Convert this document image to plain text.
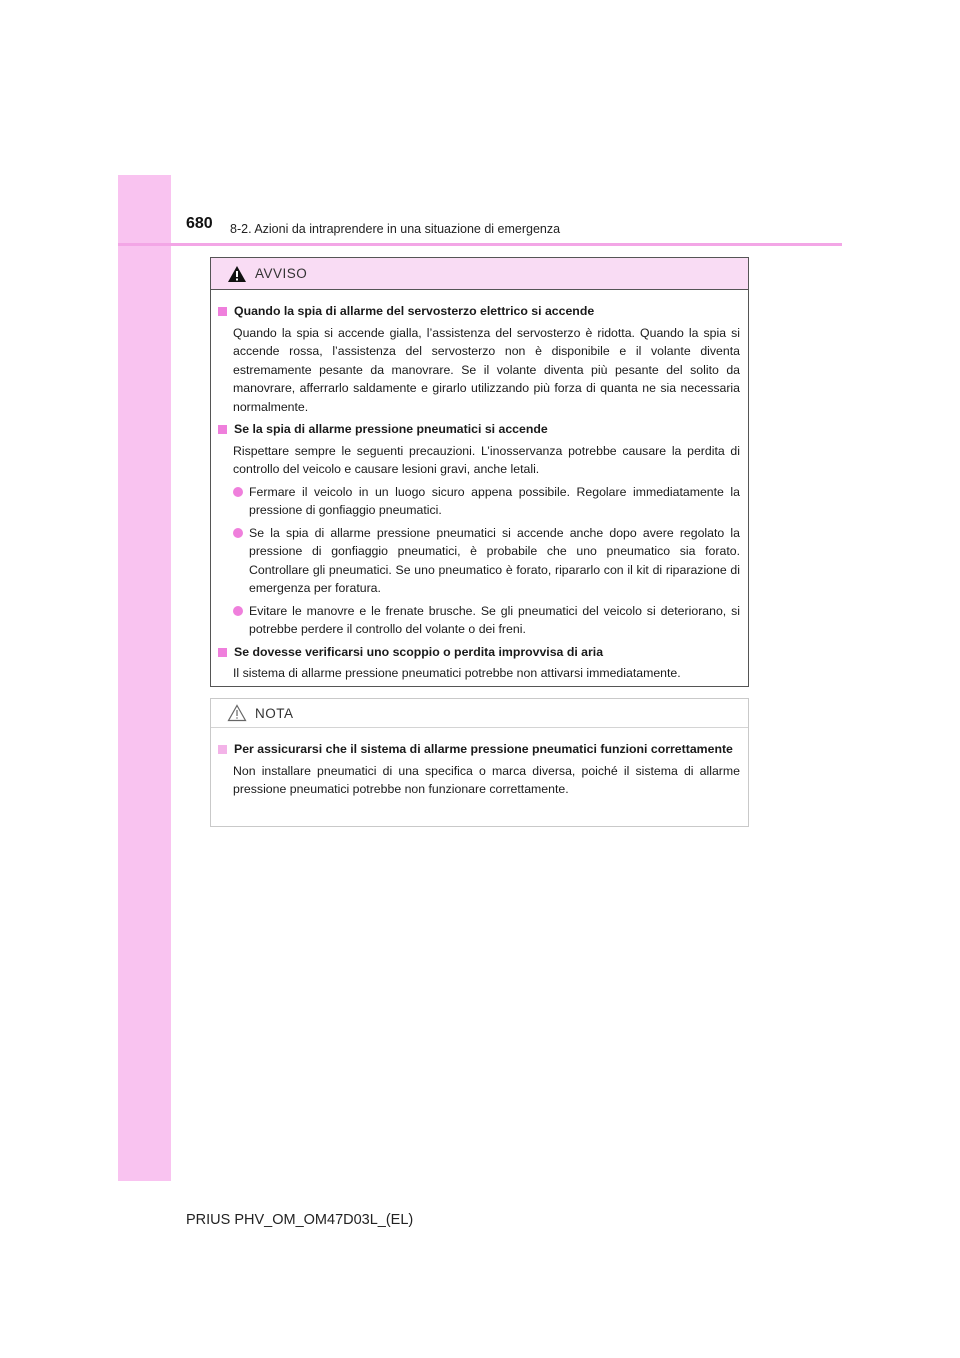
680 8-2. Azioni da intraprendere in una situazione di emergenza
AVVISO
Quando la spia di allarme del servosterzo elettrico si accende
Quando la spia si accende gialla, l’assistenza del servosterzo è ridotta. Quando la spia si accende rossa, l’assistenza del servosterzo non è disponibile e il volante diventa estremamente pesante da manovrare. Se il volante diventa più pesante del solito da manovrare, afferrarlo saldamente e girarlo utilizzando più forza di quanta ne sia necessaria normalmente.
Se la spia di allarme pressione pneumatici si accende
Rispettare sempre le seguenti precauzioni. L’inosservanza potrebbe causare la perdita di controllo del veicolo e causare lesioni gravi, anche letali.
Fermare il veicolo in un luogo sicuro appena possibile. Regolare immediatamente la pressione di gonfiaggio pneumatici.
Se la spia di allarme pressione pneumatici si accende anche dopo avere regolato la pressione di gonfiaggio pneumatici, è probabile che uno pneumatico sia forato. Controllare gli pneumatici. Se uno pneumatico è forato, ripararlo con il kit di riparazione di emergenza per foratura.
Evitare le manovre e le frenate brusche. Se gli pneumatici del veicolo si deteriorano, si potrebbe perdere il controllo del volante o dei freni.
Se dovesse verificarsi uno scoppio o perdita improvvisa di aria
Il sistema di allarme pressione pneumatici potrebbe non attivarsi immediatamente.
NOTA
Per assicurarsi che il sistema di allarme pressione pneumatici funzioni correttamente
Non installare pneumatici di una specifica o marca diversa, poiché il sistema di allarme pressione pneumatici potrebbe non funzionare correttamente.
PRIUS PHV_OM_OM47D03L_(EL)
